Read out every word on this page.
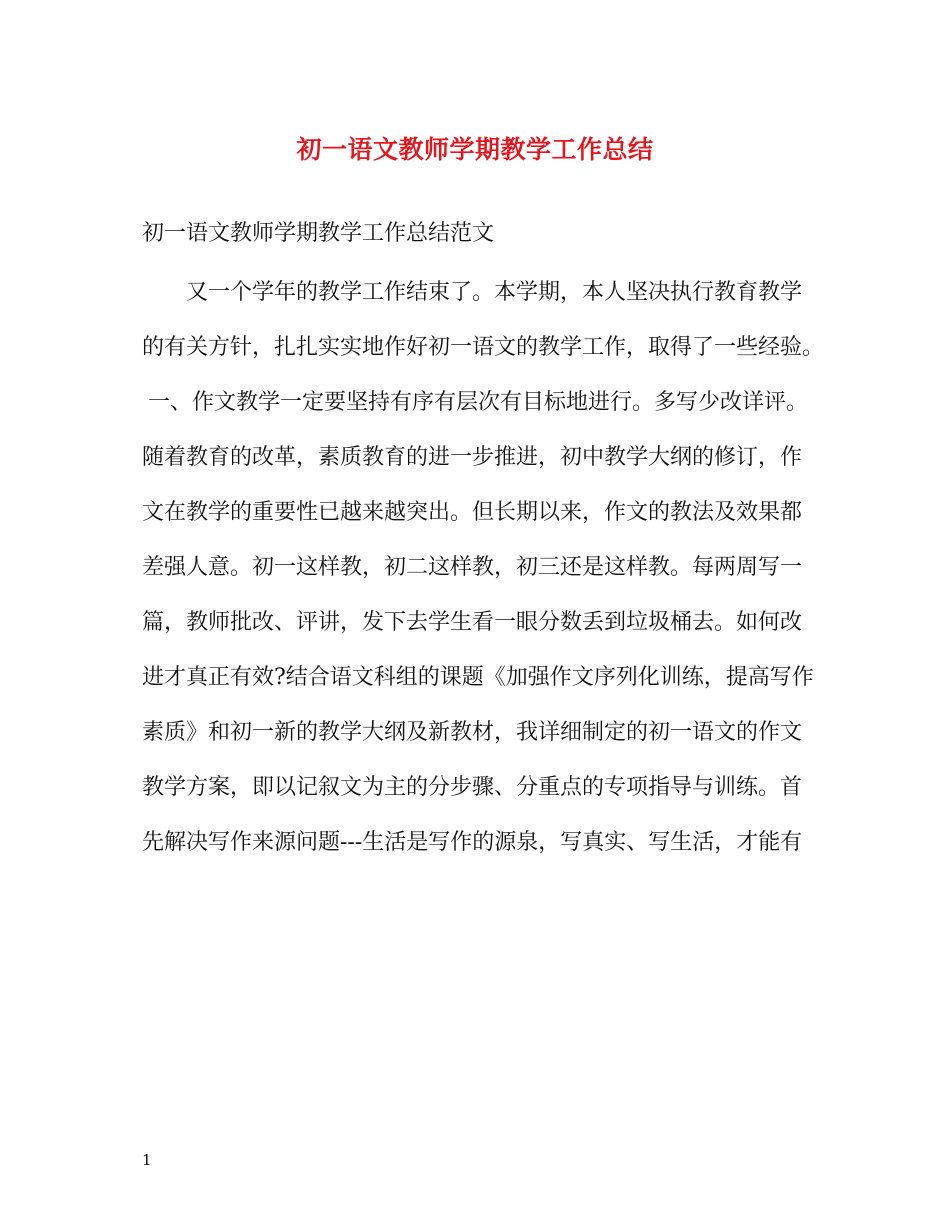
初一语文教师学期教学工作总结
初一语文教师学期教学工作总结范文
又一个学年的教学工作结束了。本学期，本人坚决执行教育教学
的有关方针，扎扎实实地作好初一语文的教学工作，取得了一些经验。
一、作文教学一定要坚持有序有层次有目标地进行。多写少改详评。
随着教育的改革，素质教育的进一步推进，初中教学大纲的修订，作
文在教学的重要性已越来越突出。但长期以来，作文的教法及效果都
差强人意。初一这样教，初二这样教，初三还是这样教。每两周写一
篇，教师批改、评讲，发下去学生看一眼分数丢到垃圾桶去。如何改
进才真正有效?结合语文科组的课题《加强作文序列化训练，提高写作
素质》和初一新的教学大纲及新教材，我详细制定的初一语文的作文
教学方案，即以记叙文为主的分步骤、分重点的专项指导与训练。首
先解决写作来源问题---生活是写作的源泉，写真实、写生活，才能有
1
